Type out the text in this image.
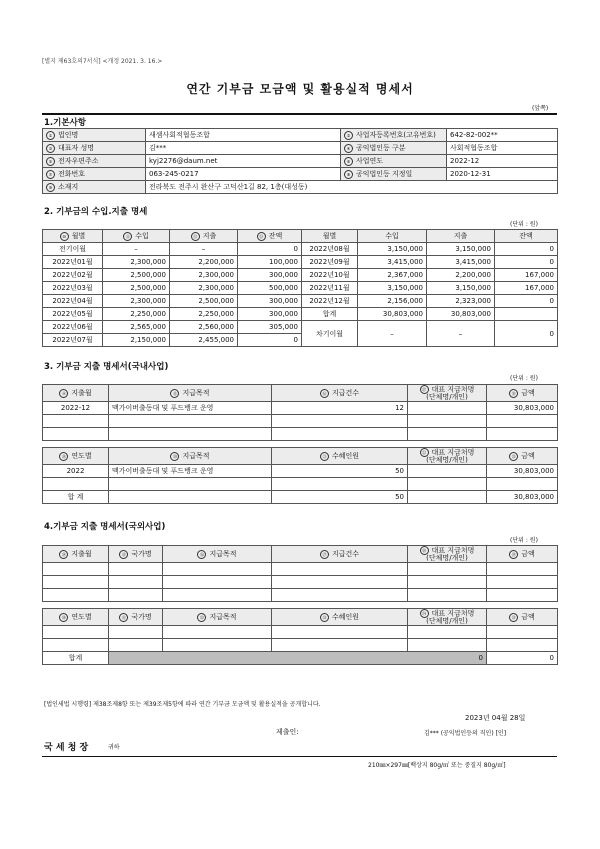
[별지 제63호의7서식] <개정 2021. 3. 16.>
연간 기부금 모금액 및 활용실적 명세서
(앞쪽)
1.기본사항
① 법인명	새샘사회적협동조합	② 사업자등록번호(고유번호)	642-82-002**
③ 대표자 성명	김***	④ 공익법인등 구분	사회적협동조합
⑤ 전자우편주소	kyj2276@daum.net	⑥ 사업연도	2022-12
⑦ 전화번호	063-245-0217	⑧ 공익법인등 지정일	2020-12-31
⑨ 소재지	전라북도 전주시 완산구 고덕산1길 82, 1층(대성동)		
2. 기부금의 수입.지출 명세
(단위 : 원)
⑩ 월별	⑪ 수입	⑫ 지출	⑬ 잔액	월별	수입	지출	잔액
전기이월	–	–	0	2022년08월	3,150,000	3,150,000	0
2022년01월	2,300,000	2,200,000	100,000	2022년09월	3,415,000	3,415,000	0
2022년02월	2,500,000	2,300,000	300,000	2022년10월	2,367,000	2,200,000	167,000
2022년03월	2,500,000	2,300,000	500,000	2022년11월	3,150,000	3,150,000	167,000
2022년04월	2,300,000	2,500,000	300,000	2022년12월	2,156,000	2,323,000	0
2022년05월	2,250,000	2,250,000	300,000	합계	30,803,000	30,803,000	
2022년06월	2,565,000	2,560,000	305,000	차기이월	–	–	0
2022년07월	2,150,000	2,455,000	0				
3. 기부금 지출 명세서(국내사업)
(단위 : 원)
⑭ 지출월	⑮ 지급목적	⑯ 지급건수	⑰ 대표 지급처명
(단체명/개인)	⑱ 금액
2022-12	맥가이버출동대 및 푸드뱅크 운영	12		30,803,000

⑲ 연도별	⑳ 지급목적	㉑ 수혜인원	㉒ 대표 지급처명
(단체명/개인)	㉓ 금액
2022	맥가이버출동대 및 푸드뱅크 운영	50		30,803,000

합 계		50		30,803,000
4.기부금 지출 명세서(국외사업)
(단위 : 원)
㉔ 지출월	㉕ 국가명	㉖ 지급목적	㉗ 지급건수	㉘ 대표 지급처명
(단체명/개인)	㉙ 금액

㉚ 연도별	㉛ 국가명	㉜ 지급목적	㉝ 수혜인원	㉞ 대표 지급처명
(단체명/개인)	㉟ 금액

합계	0				0
[법인세법 시행령] 제38조제8항 또는 제39조제5항에 따라 연간 기부금 모금액 및 활용실적을 공개합니다.
2023년 04월 28일
제출인:	김*** (공익법인등의 직인) [인]
국 세 청 장	귀하
210㎜×297㎜[백상지 80g/㎡ 또는 중질지 80g/㎡]
